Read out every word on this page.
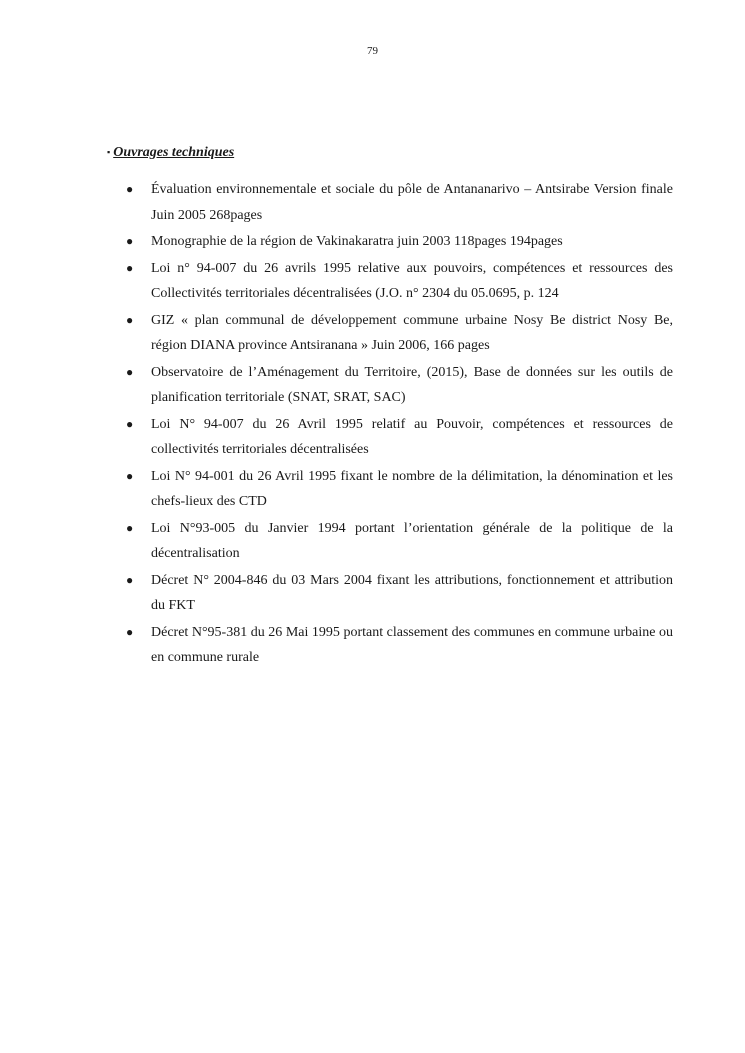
79
▪ Ouvrages techniques
● Évaluation environnementale et sociale du pôle de Antananarivo – Antsirabe Version finale Juin 2005 268pages
● Monographie de la région de Vakinakaratra juin 2003 118pages 194pages
● Loi n° 94-007 du 26 avrils 1995 relative aux pouvoirs, compétences et ressources des Collectivités territoriales décentralisées (J.O. n° 2304 du 05.0695, p. 124
● GIZ « plan communal de développement commune urbaine Nosy Be district Nosy Be, région DIANA province Antsiranana » Juin 2006, 166 pages
● Observatoire de l’Aménagement du Territoire, (2015), Base de données sur les outils de planification territoriale (SNAT, SRAT, SAC)
● Loi N° 94-007 du 26 Avril 1995 relatif au Pouvoir, compétences et ressources de collectivités territoriales décentralisées
● Loi N° 94-001 du 26 Avril 1995 fixant le nombre de la délimitation, la dénomination et les chefs-lieux des CTD
● Loi N°93-005 du Janvier 1994 portant l’orientation générale de la politique de la décentralisation
● Décret N° 2004-846 du 03 Mars 2004 fixant les attributions, fonctionnement et attribution du FKT
● Décret N°95-381 du 26 Mai 1995 portant classement des communes en commune urbaine ou en commune rurale
